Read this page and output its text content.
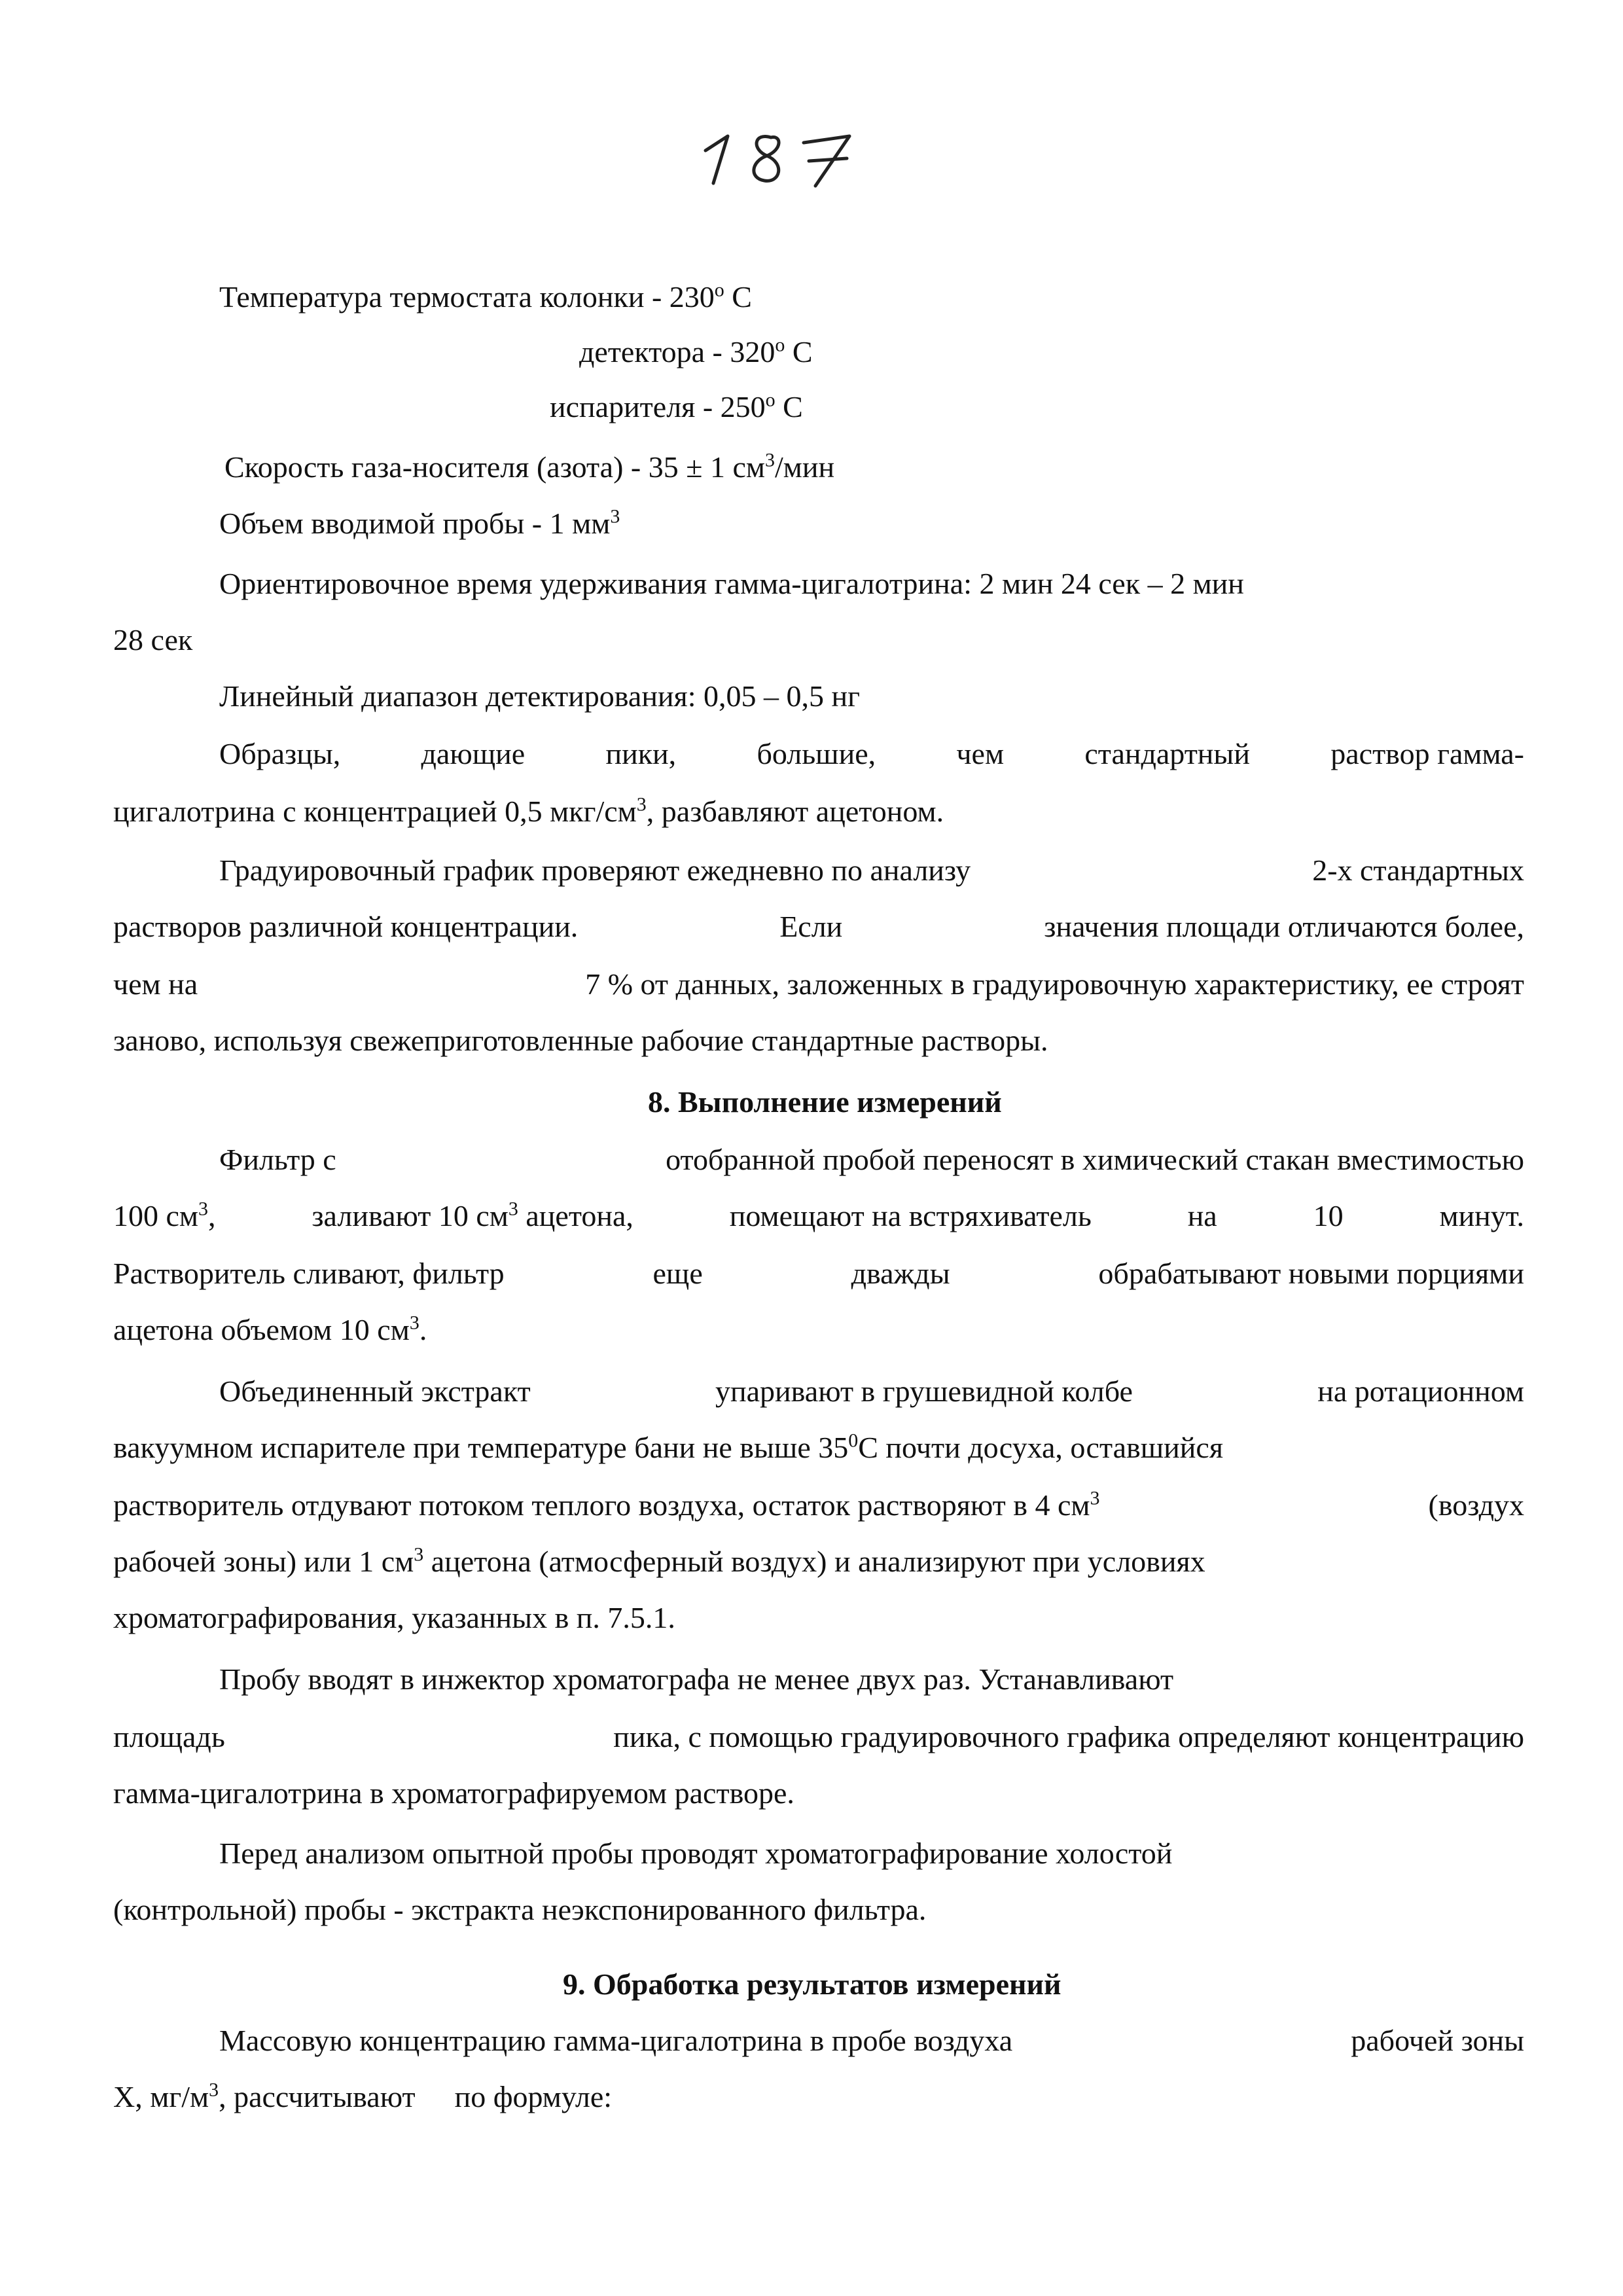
Температура термостата колонки - 230$^o$ C
детектора - 320$^o$ C
испарителя - 250$^o$ C
Скорость газа-носителя (азота) - 35 ± 1 $см^3$/мин
Объем вводимой пробы - 1 $мм^3$
Ориентировочное время удерживания гамма-цигалотрина: 2 мин 24 сек – 2 мин
28 сек
Линейный диапазон детектирования: 0,05 – 0,5 нг
Образцы,	дающие	пики,	большие,	чем	стандартный	раствор гамма-
цигалотрина с концентрацией 0,5 мкг/$см^3$, разбавляют ацетоном.
Градуировочный график проверяют ежедневно по анализу	2-х стандартных
растворов различной концентрации.	Если	значения площади отличаются более,
чем на	7 % от данных, заложенных в градуировочную характеристику, ее строят
заново, используя свежеприготовленные рабочие стандартные растворы.
8. Выполнение измерений
Фильтр с	отобранной пробой переносят в химический стакан вместимостью
100 $см^3$,	заливают 10 $см^3$ ацетона,	помещают на встряхиватель	на	10	минут.
Растворитель сливают, фильтр	еще	дважды	обрабатывают новыми порциями
ацетона объемом 10 $см^3$.
Объединенный экстракт	упаривают в грушевидной колбе	на ротационном
вакуумном испарителе при температуре бани не выше $35^0С$ почти досуха, оставшийся
растворитель отдувают потоком теплого воздуха, остаток растворяют в 4 $см^3$	(воздух
рабочей зоны) или 1 $см^3$ ацетона (атмосферный воздух) и анализируют при условиях
хроматографирования, указанных в п. 7.5.1.
Пробу вводят в инжектор хроматографа не менее двух раз. Устанавливают
площадь	пика, с помощью градуировочного графика определяют концентрацию
гамма-цигалотрина в хроматографируемом растворе.
Перед анализом опытной пробы проводят хроматографирование холостой
(контрольной) пробы - экстракта неэкспонированного фильтра.
9. Обработка результатов измерений
Массовую концентрацию гамма-цигалотрина в пробе воздуха	рабочей зоны
X, $мг/м^3$, рассчитывают по формуле:
